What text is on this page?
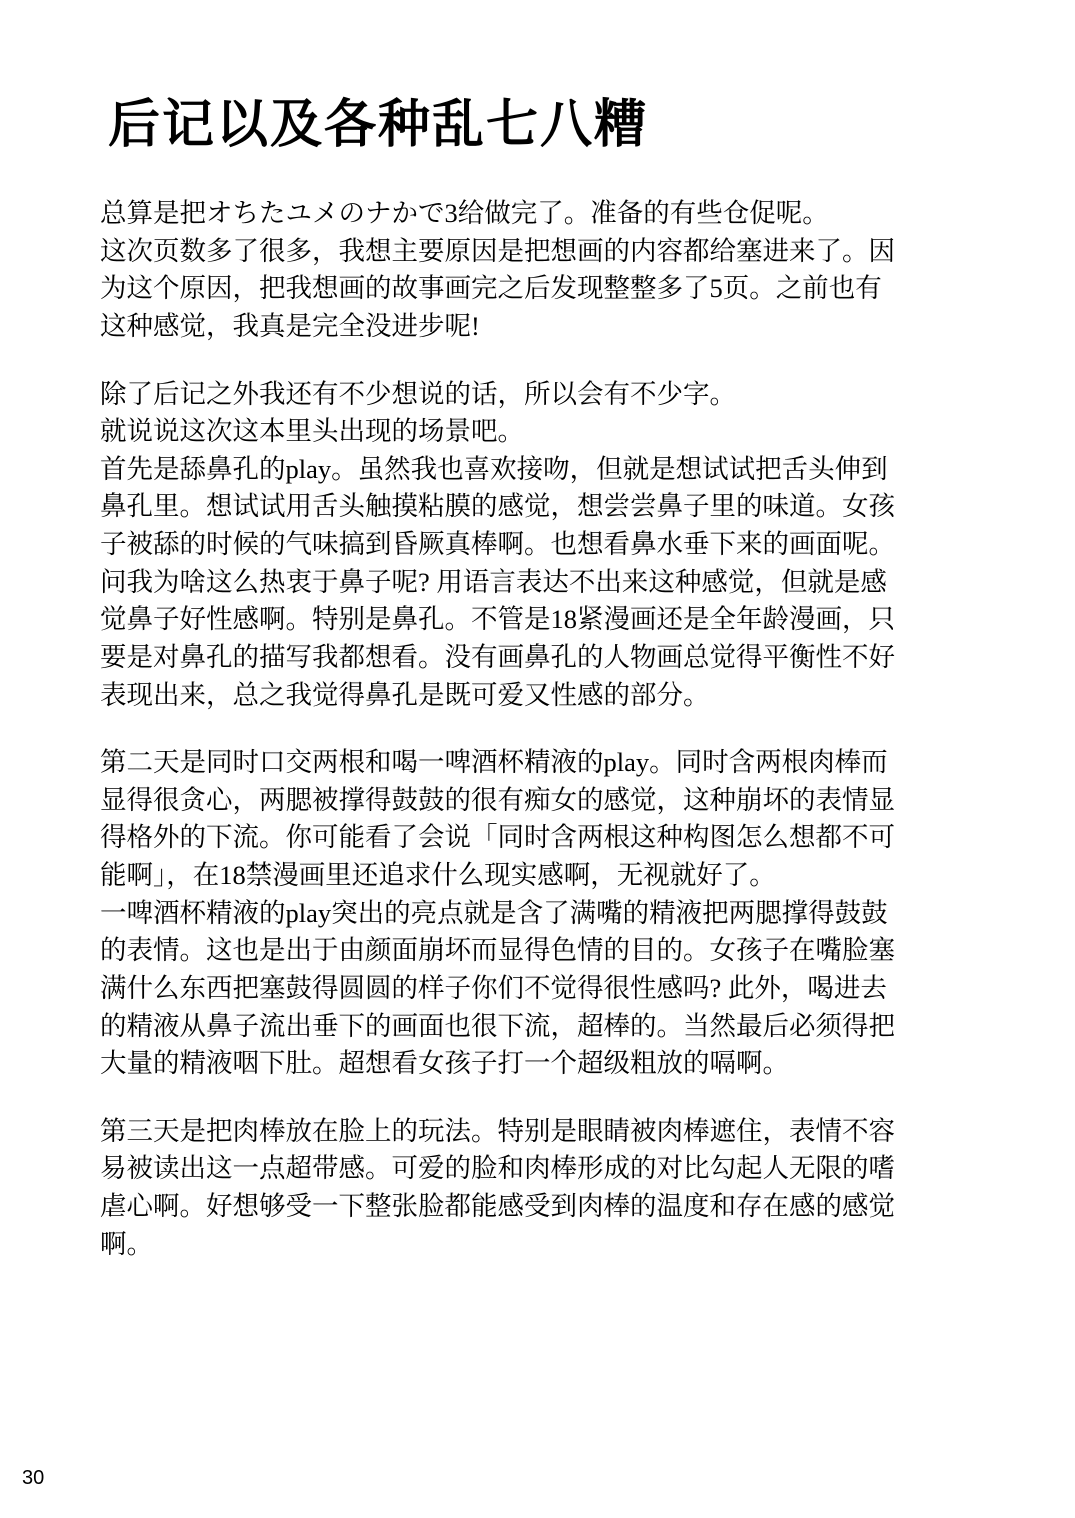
后记以及各种乱七八糟
总算是把オちたユメのナかで3给做完了。准备的有些仓促呢。
这次页数多了很多，我想主要原因是把想画的内容都给塞进来了。因
为这个原因，把我想画的故事画完之后发现整整多了5页。之前也有
这种感觉，我真是完全没进步呢!
除了后记之外我还有不少想说的话，所以会有不少字。
就说说这次这本里头出现的场景吧。
首先是舔鼻孔的play。虽然我也喜欢接吻，但就是想试试把舌头伸到
鼻孔里。想试试用舌头触摸粘膜的感觉，想尝尝鼻子里的味道。女孩
子被舔的时候的气味搞到昏厥真棒啊。也想看鼻水垂下来的画面呢。
问我为啥这么热衷于鼻子呢? 用语言表达不出来这种感觉，但就是感
觉鼻子好性感啊。特别是鼻孔。不管是18紧漫画还是全年龄漫画，只
要是对鼻孔的描写我都想看。没有画鼻孔的人物画总觉得平衡性不好
表现出来，总之我觉得鼻孔是既可爱又性感的部分。
第二天是同时口交两根和喝一啤酒杯精液的play。同时含两根肉棒而
显得很贪心，两腮被撑得鼓鼓的很有痴女的感觉，这种崩坏的表情显
得格外的下流。你可能看了会说「同时含两根这种构图怎么想都不可
能啊」，在18禁漫画里还追求什么现实感啊，无视就好了。
一啤酒杯精液的play突出的亮点就是含了满嘴的精液把两腮撑得鼓鼓
的表情。这也是出于由颜面崩坏而显得色情的目的。女孩子在嘴脸塞
满什么东西把塞鼓得圆圆的样子你们不觉得很性感吗? 此外，喝进去
的精液从鼻子流出垂下的画面也很下流，超棒的。当然最后必须得把
大量的精液咽下肚。超想看女孩子打一个超级粗放的嗝啊。
第三天是把肉棒放在脸上的玩法。特别是眼睛被肉棒遮住，表情不容
易被读出这一点超带感。可爱的脸和肉棒形成的对比勾起人无限的嗜
虐心啊。好想够受一下整张脸都能感受到肉棒的温度和存在感的感觉
啊。
30
